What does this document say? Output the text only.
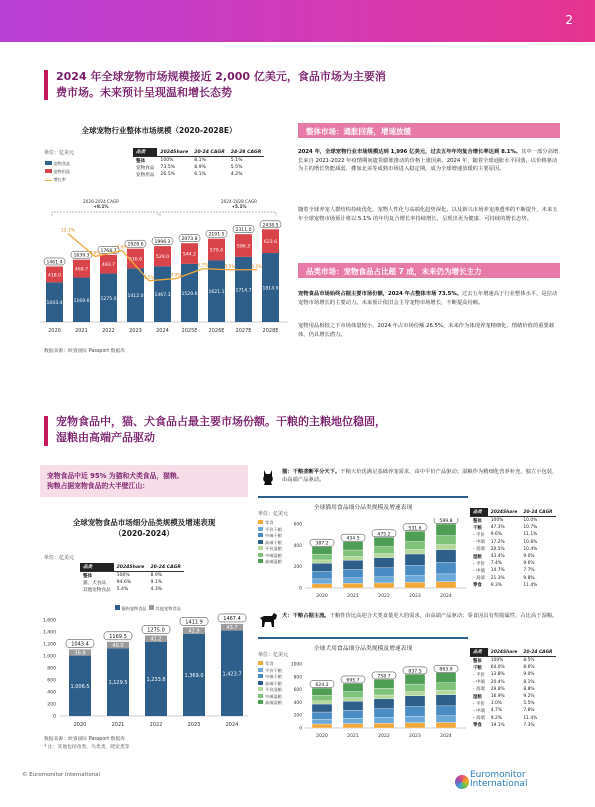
2
2024 年全球宠物市场规模接近 2,000 亿美元，食品市场为主要消
费市场。未来预计呈现温和增长态势
全球宠物行业整体市场规模（2020-2028E）
单位：亿美元
宠物食品
宠物用品
增长率
品类	2024Share	20-24 CAGR	24-28 CAGR
整体	100%	8.1%	5.1%
宠物食品	73.5%	8.9%	5.5%
宠物用品	26.5%	6.1%	4.2%
2020-2024 CAGR
+8.1%
2024-2028 CAGR
+5.1%
1043.4
418.0
1461.4
2020
1169.6
469.7
1639.3
2021
1275.0
493.7
1768.7
2022
1412.0
516.6
1928.6
2023
1467.3
529.0
1996.3
2024
1529.6
544.2
2073.8
2025E
1621.1
570.4
2191.5
2026E
1714.7
596.3
2311.0
2027E
1814.9
623.6
2438.5
2028E
12.1%
7.9%
9.0%
3.5%	3.9%
5.7%	5.5%	5.5%
数据来源：欧睿国际 Passport 数据库
整体市场：通胀回落，增速放缓
2024 年，全球宠物行业市场规模达到 1,996 亿美元，过去五年年均复合增长率达到 8.1%。其中一部分高增长来自 2021-2022 年疫情期间遗货膨胀推动的价格上涨因素。2024 年，随着全球通胀水平回落，以价格驱动为主的增长势能减弱，叠加北美等成熟市场进入稳定期，成为全球增速放缓的主要原因。
随着全球养宠人群结构持续优化、宠物人性化与高端化趋势深化，以及新兴市场养宠渗透率的不断提升，未来五年全球宠物市场预计将以 5.1% 的年均复合增长率持续增长，呈现出更为健康、可持续的增长态势。
品类市场：宠物食品占比超 7 成，未来仍为增长主力
宠物食品市场始终占据主要市场份额，2024 年占整体市场 73.5%。过去五年增速高于行业整体水平，是拉动宠物市场增长的主要动力。未来预计依旧会主导宠物市场增长，不断提高份额。
宠物用品相较之下市场体量较小，2024 年占市场份额 26.5%。未来作为体现养宠精细化、情绪价值的重要载体，仍具增长潜力。
宠物食品中，猫、犬食品占最主要市场份额。干粮的主粮地位稳固，
湿粮由高端产品驱动
宠物食品中近 95% 为猫和犬类食品，猫粮、
狗粮占据宠物食品的大半壁江山：
全球宠物食品市场细分品类规模及增速表现
（2020-2024）
单位：亿美元
品类	2024Share	20-24 CAGR
整体	100%	8.9%
猫、犬食品	94.6%	9.1%
其他宠物食品	5.4%	4.3%
猫狗宠物食品 其他宠物食品
1,600
1,400
1,200
1,000
800
600
400
200
0
1,006.5
36.9
1043.4
2020
1,129.5
40.0
1169.5
2021
1,233.8
41.2
1275.0
2022
1,369.0
42.9
1411.9
2023
1,423.7
43.7
1467.4
2024
数据来源：欧睿国际 Passport 数据库
* 注：其他包括鱼类、鸟类类、爬宠类等
猫：干粮垄断平分天下。干粮大价优满足基础养宠需求，由中平价产品驱动；湿粮作为精细化营养补充，独立小包装，由高端产品驱动。
全球猫用食品细分品类规模及增速表现
单位：亿美元
零食
平价干粮
中端干粮
高端干粮
平价湿粮
中端湿粮
高端湿粮
600
400
200
0
387.2
2020
434.5
2021
475.2
2022
531.6
2023
599.8
2024
品类	2024Share	20-24 CAGR
整体	100%	10.0%
干粮	47.3%	10.7%
- 平价	9.6%	11.1%
- 中端	17.2%	10.8%
- 高端	20.5%	10.4%
湿粮	43.4%	9.0%
- 平价	7.4%	9.6%
- 中端	14.7%	7.7%
- 高端	21.3%	9.8%
零食	9.3%	11.4%
犬：干粮占据主流。干粮性价比高迎合犬类食量更大的需求，由高端产品驱动；零食因具有奖励属性，占比高于湿粮。
全球犬用食品细分品类规模及增速表现
单位：亿美元
零食
平价干粮
中端干粮
高端干粮
平价湿粮
中端湿粮
高端湿粮
1000
800
600
400
200
0
624.3
2020
695.7
2021
758.7
2022
837.5
2023
863.9
2024
品类	2024Share	20-24 CAGR
整体	100%	8.5%
干粮	64.0%	8.6%
- 平价	13.8%	9.0%
- 中端	20.4%	8.1%
- 高端	29.8%	8.8%
湿粮	16.9%	9.2%
- 平价	3.0%	5.5%
- 中端	4.7%	7.8%
- 高端	9.2%	11.4%
零食	19.1%	7.3%
© Euromonitor International	Euromonitor
International
